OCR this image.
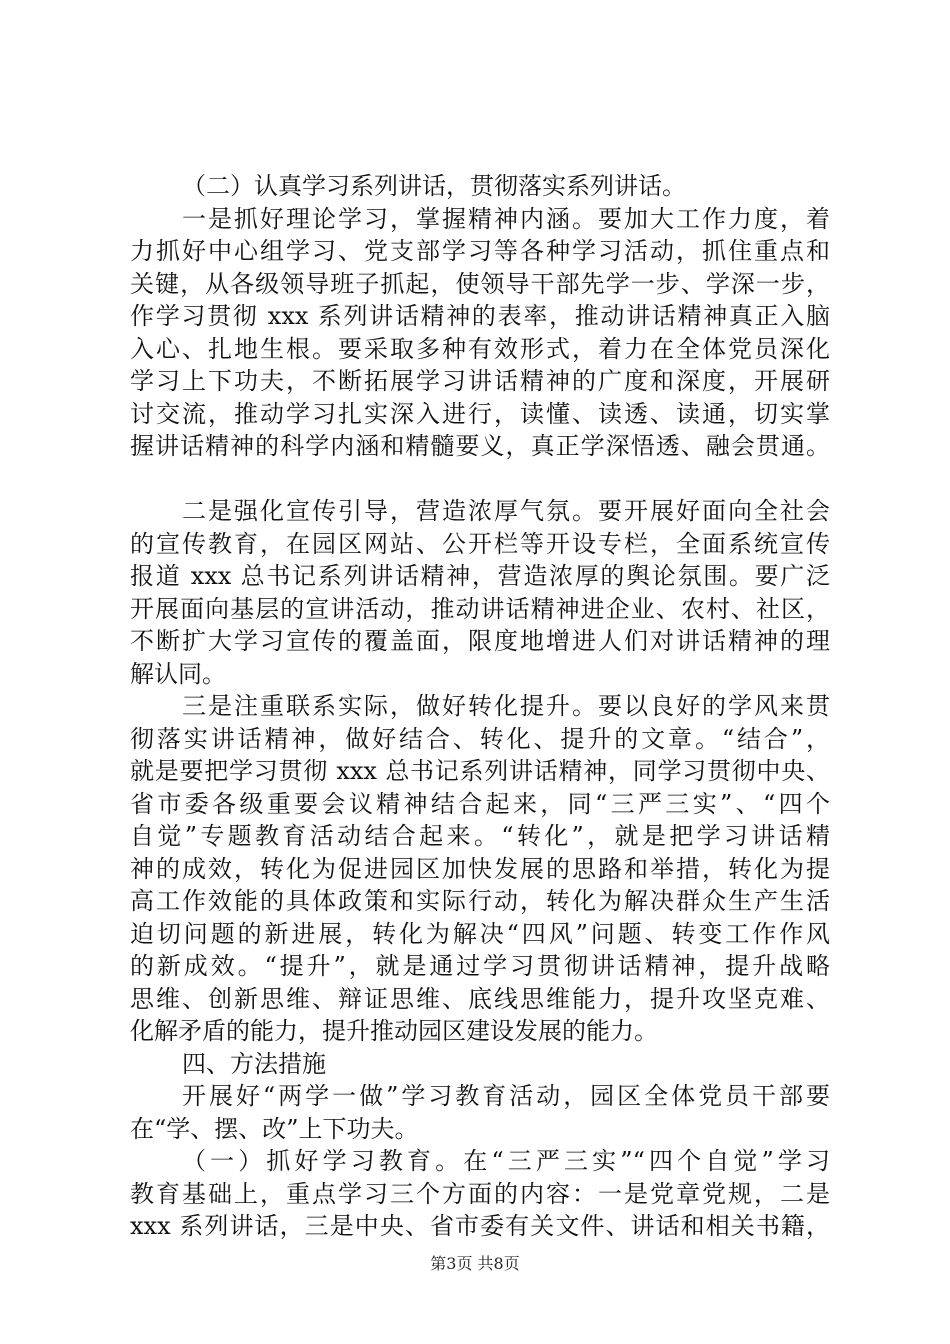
（二）认真学习系列讲话，贯彻落实系列讲话。
一是抓好理论学习，掌握精神内涵。要加大工作力度，着
力抓好中心组学习、党支部学习等各种学习活动，抓住重点和
关键，从各级领导班子抓起，使领导干部先学一步、学深一步，
作学习贯彻 xxx 系列讲话精神的表率，推动讲话精神真正入脑
入心、扎地生根。要采取多种有效形式，着力在全体党员深化
学习上下功夫，不断拓展学习讲话精神的广度和深度，开展研
讨交流，推动学习扎实深入进行，读懂、读透、读通，切实掌
握讲话精神的科学内涵和精髓要义，真正学深悟透、融会贯通。
二是强化宣传引导，营造浓厚气氛。要开展好面向全社会
的宣传教育，在园区网站、公开栏等开设专栏，全面系统宣传
报道 xxx 总书记系列讲话精神，营造浓厚的舆论氛围。要广泛
开展面向基层的宣讲活动，推动讲话精神进企业、农村、社区，
不断扩大学习宣传的覆盖面，限度地增进人们对讲话精神的理
解认同。
三是注重联系实际，做好转化提升。要以良好的学风来贯
彻落实讲话精神，做好结合、转化、提升的文章。“结合”，
就是要把学习贯彻 xxx 总书记系列讲话精神，同学习贯彻中央、
省市委各级重要会议精神结合起来，同“三严三实”、“四个
自觉”专题教育活动结合起来。“转化”，就是把学习讲话精
神的成效，转化为促进园区加快发展的思路和举措，转化为提
高工作效能的具体政策和实际行动，转化为解决群众生产生活
迫切问题的新进展，转化为解决“四风”问题、转变工作作风
的新成效。“提升”，就是通过学习贯彻讲话精神，提升战略
思维、创新思维、辩证思维、底线思维能力，提升攻坚克难、
化解矛盾的能力，提升推动园区建设发展的能力。
四、方法措施
开展好“两学一做”学习教育活动，园区全体党员干部要
在“学、摆、改”上下功夫。
（一）抓好学习教育。在“三严三实”“四个自觉”学习
教育基础上，重点学习三个方面的内容：一是党章党规，二是
xxx 系列讲话，三是中央、省市委有关文件、讲话和相关书籍，
第3页 共8页
